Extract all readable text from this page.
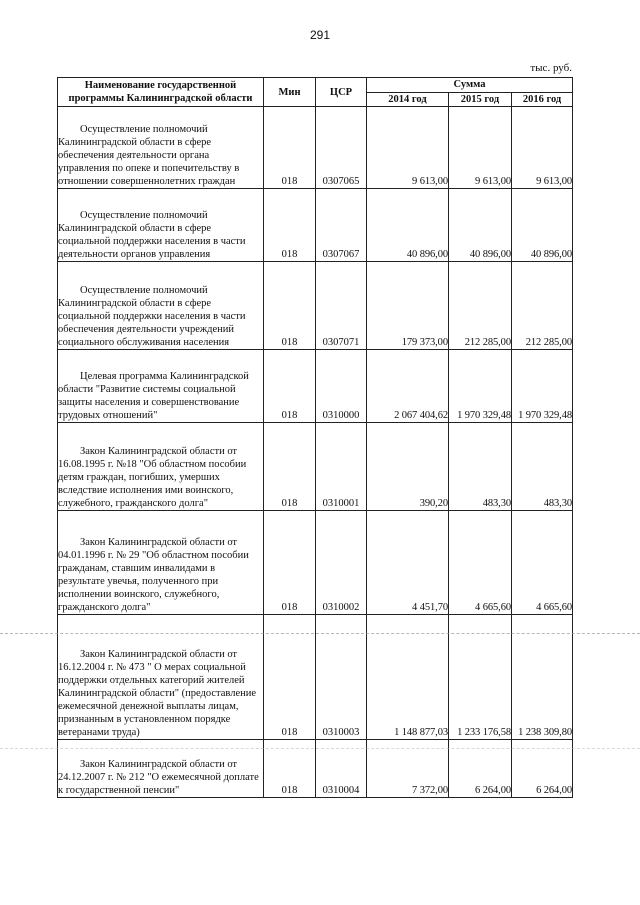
291
тыс. руб.
Наименование государственной программы Калининградской области	Мин	ЦСР	Сумма		
			2014 год	2015 год	2016 год

Осуществление полномочий Калининградской области в сфере обеспечения деятельности органа управления по опеке и попечительству в отношении совершеннолетних граждан	018	0307065	9 613,00	9 613,00	9 613,00

Осуществление полномочий Калининградской области в сфере социальной поддержки населения в части деятельности органов управления	018	0307067	40 896,00	40 896,00	40 896,00

Осуществление полномочий Калининградской области в сфере социальной поддержки населения в части обеспечения деятельности учреждений социального обслуживания населения	018	0307071	179 373,00	212 285,00	212 285,00

Целевая программа Калининградской области "Развитие системы социальной защиты населения и совершенствование трудовых отношений"	018	0310000	2 067 404,62	1 970 329,48	1 970 329,48

Закон Калининградской области от 16.08.1995 г. №18 "Об областном пособии детям граждан, погибших, умерших вследствие исполнения ими воинского, служебного, гражданского долга"	018	0310001	390,20	483,30	483,30

Закон Калининградской области от 04.01.1996 г. № 29 "Об областном пособии гражданам, ставшим инвалидами в результате увечья, полученного при исполнении воинского, служебного, гражданского долга"	018	0310002	4 451,70	4 665,60	4 665,60

Закон Калининградской области от 16.12.2004 г. № 473 " О мерах социальной поддержки отдельных категорий жителей Калининградской области" (предоставление ежемесячной денежной выплаты лицам, признанным в установленном порядке ветеранами труда)	018	0310003	1 148 877,03	1 233 176,58	1 238 309,80

Закон Калининградской области от 24.12.2007 г. № 212 "О ежемесячной доплате к государственной пенсии"	018	0310004	7 372,00	6 264,00	6 264,00
